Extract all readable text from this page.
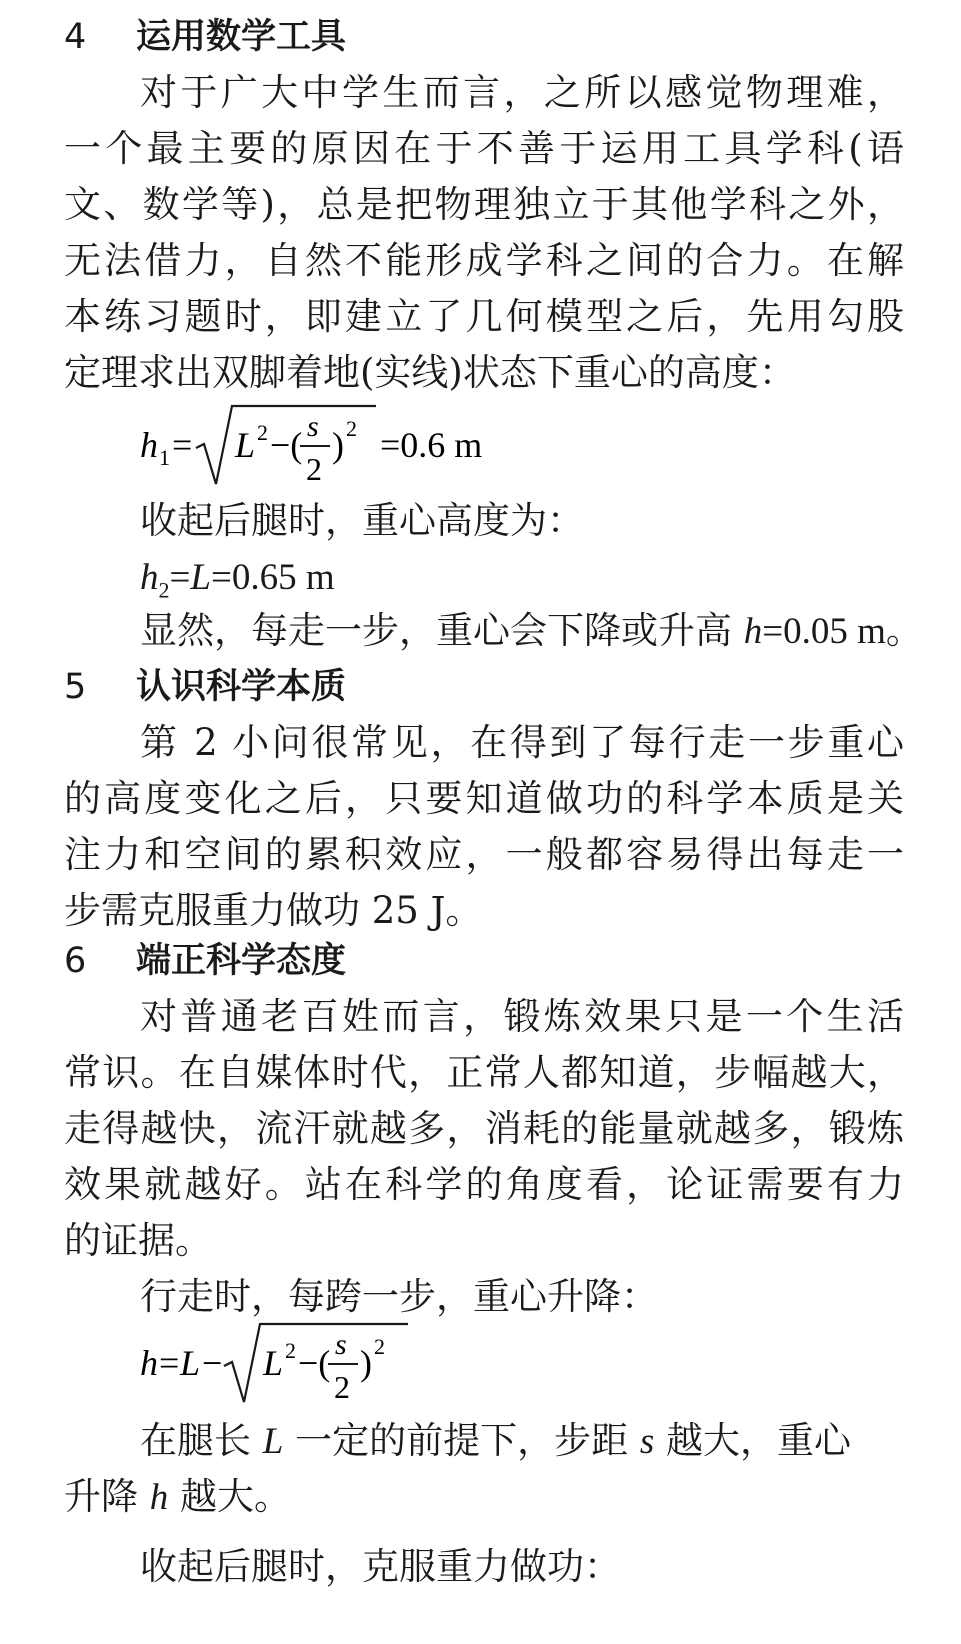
4 运用数学工具
对于广大中学生而言，之所以感觉物理难，
一个最主要的原因在于不善于运用工具学科(语
文、数学等)，总是把物理独立于其他学科之外，
无法借力，自然不能形成学科之间的合力。在解
本练习题时，即建立了几何模型之后，先用勾股
定理求出双脚着地(实线)状态下重心的高度：
h 1 = L 2 −( s
2
) 2 =0.6 m
收起后腿时，重心高度为：
$h_2=L=0.65$ m
显然，每走一步，重心会下降或升高 h=0.05 m。
5 认识科学本质
第 2 小问很常见，在得到了每行走一步重心
的高度变化之后，只要知道做功的科学本质是关
注力和空间的累积效应，一般都容易得出每走一
步需克服重力做功 25 J。
6 端正科学态度
对普通老百姓而言，锻炼效果只是一个生活
常识。在自媒体时代，正常人都知道，步幅越大，
走得越快，流汗就越多，消耗的能量就越多，锻炼
效果就越好。站在科学的角度看，论证需要有力
的证据。
行走时，每跨一步，重心升降：
h = L − L 2 −( s
2
) 2
在腿长 L 一定的前提下，步距 s 越大，重心
升降 h 越大。
收起后腿时，克服重力做功：
